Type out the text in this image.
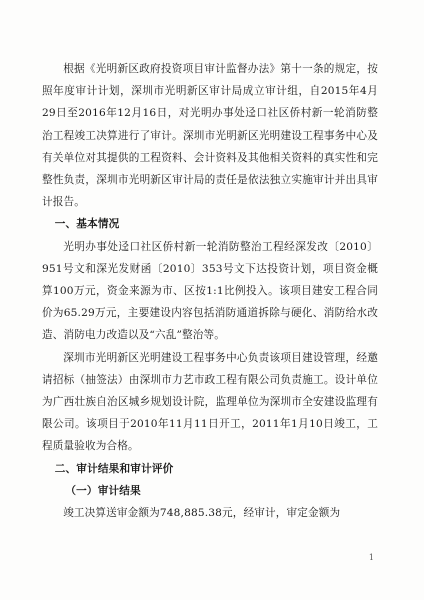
根据《光明新区政府投资项目审计监督办法》第十一条的规定，按照年度审计计划，深圳市光明新区审计局成立审计组，自2015年4月29日至2016年12月16日，对光明办事处迳口社区侨村新一轮消防整治工程竣工决算进行了审计。深圳市光明新区光明建设工程事务中心及有关单位对其提供的工程资料、会计资料及其他相关资料的真实性和完整性负责，深圳市光明新区审计局的责任是依法独立实施审计并出具审计报告。

一、基本情况

光明办事处迳口社区侨村新一轮消防整治工程经深发改〔2010〕951号文和深光发财函〔2010〕353号文下达投资计划，项目资金概算100万元，资金来源为市、区按1:1比例投入。该项目建安工程合同价为65.29万元，主要建设内容包括消防通道拆除与硬化、消防给水改造、消防电力改造以及“六乱”整治等。

深圳市光明新区光明建设工程事务中心负责该项目建设管理，经邀请招标（抽签法）由深圳市力艺市政工程有限公司负责施工。设计单位为广西壮族自治区城乡规划设计院，监理单位为深圳市全安建设监理有限公司。该项目于2010年11月11日开工，2011年1月10日竣工，工程质量验收为合格。

二、审计结果和审计评价

（一）审计结果

竣工决算送审金额为748,885.38元，经审计，审定金额为

1
